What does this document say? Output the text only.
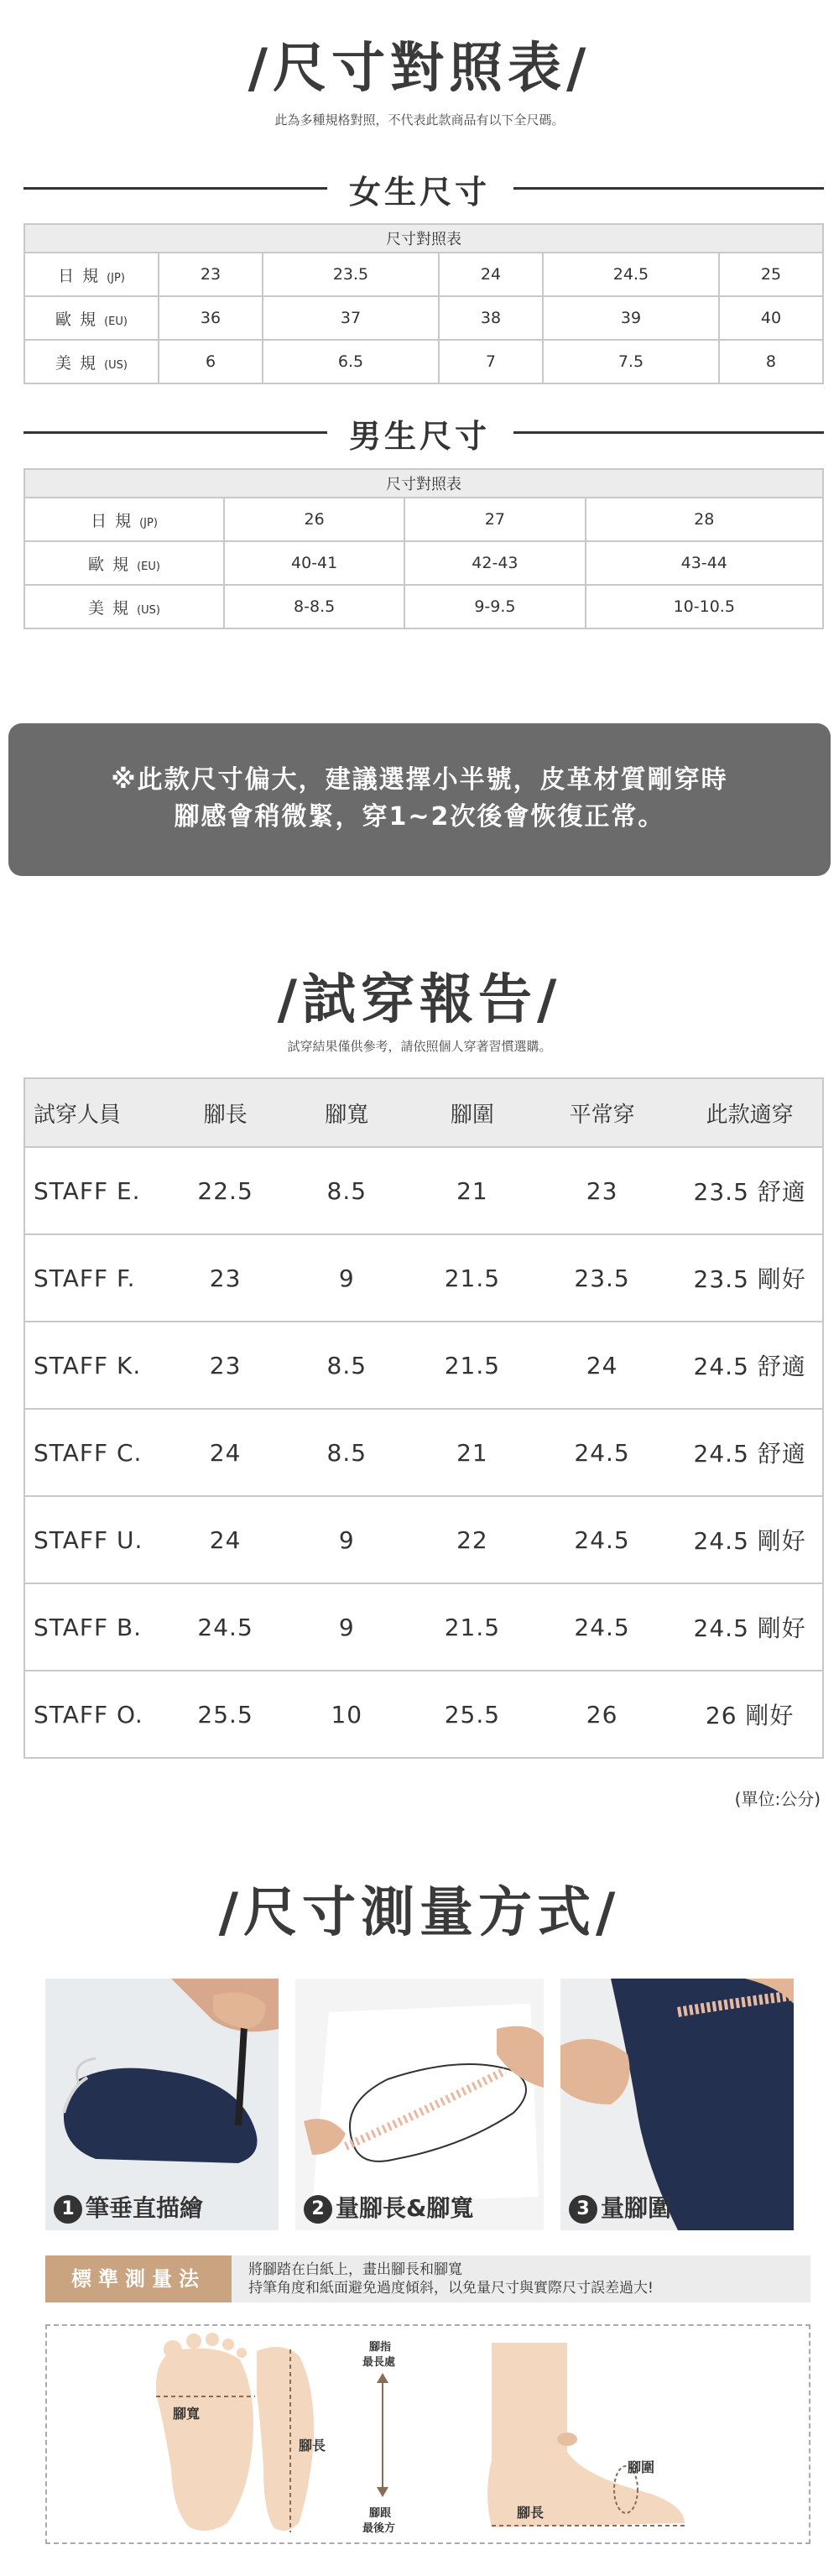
/尺寸對照表/
此為多種規格對照，不代表此款商品有以下全尺碼。
女生尺寸
尺寸對照表					
日 規 (JP)	23	23.5	24	24.5	25
歐 規 (EU)	36	37	38	39	40
美 規 (US)	6	6.5	7	7.5	8
男生尺寸
尺寸對照表			
日 規 (JP)	26	27	28
歐 規 (EU)	40-41	42-43	43-44
美 規 (US)	8-8.5	9-9.5	10-10.5
※此款尺寸偏大，建議選擇小半號，皮革材質剛穿時
腳感會稍微緊，穿1~2次後會恢復正常。
/試穿報告/
試穿結果僅供參考，請依照個人穿著習慣選購。
試穿人員	腳長	腳寬	腳圍	平常穿	此款適穿
STAFF E.	22.5	8.5	21	23	23.5 舒適
STAFF F.	23	9	21.5	23.5	23.5 剛好
STAFF K.	23	8.5	21.5	24	24.5 舒適
STAFF C.	24	8.5	21	24.5	24.5 舒適
STAFF U.	24	9	22	24.5	24.5 剛好
STAFF B.	24.5	9	21.5	24.5	24.5 剛好
STAFF O.	25.5	10	25.5	26	26 剛好
(單位:公分)
/尺寸測量方式/
1 筆垂直描繪	2 量腳長&腳寬	3 量腳圍
標準測量法	將腳踏在白紙上，畫出腳長和腳寬
持筆角度和紙面避免過度傾斜，以免量尺寸與實際尺寸誤差過大!
腳寬
腳長
腳指
最長處
腳跟
最後方
腳圍
腳長
